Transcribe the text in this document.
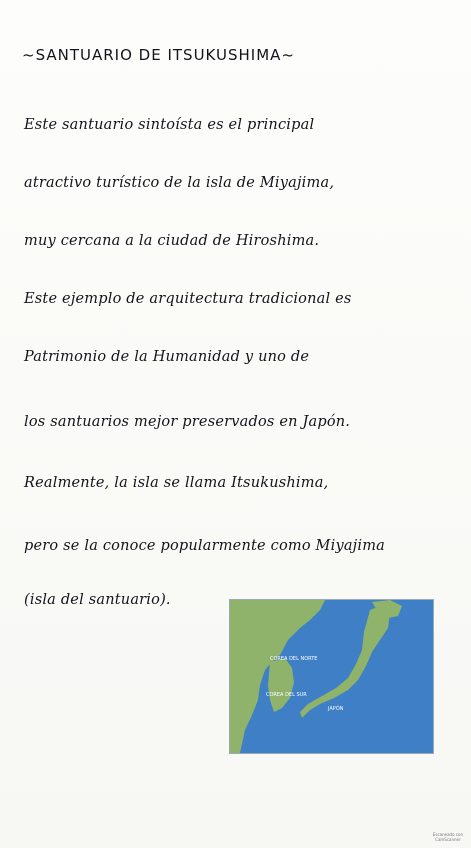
~SANTUARIO DE ITSUKUSHIMA~
Este santuario sintoísta es el principal
atractivo turístico de la isla de Miyajima,
muy cercana a la ciudad de Hiroshima.
Este ejemplo de arquitectura tradicional es
Patrimonio de la Humanidad y uno de
los santuarios mejor preservados en Japón.
Realmente, la isla se llama Itsukushima,
pero se la conoce popularmente como Miyajima
(isla del santuario).
COREA DEL NORTE
COREA DEL SUR
JAPÓN
Escaneado con
CamScanner
